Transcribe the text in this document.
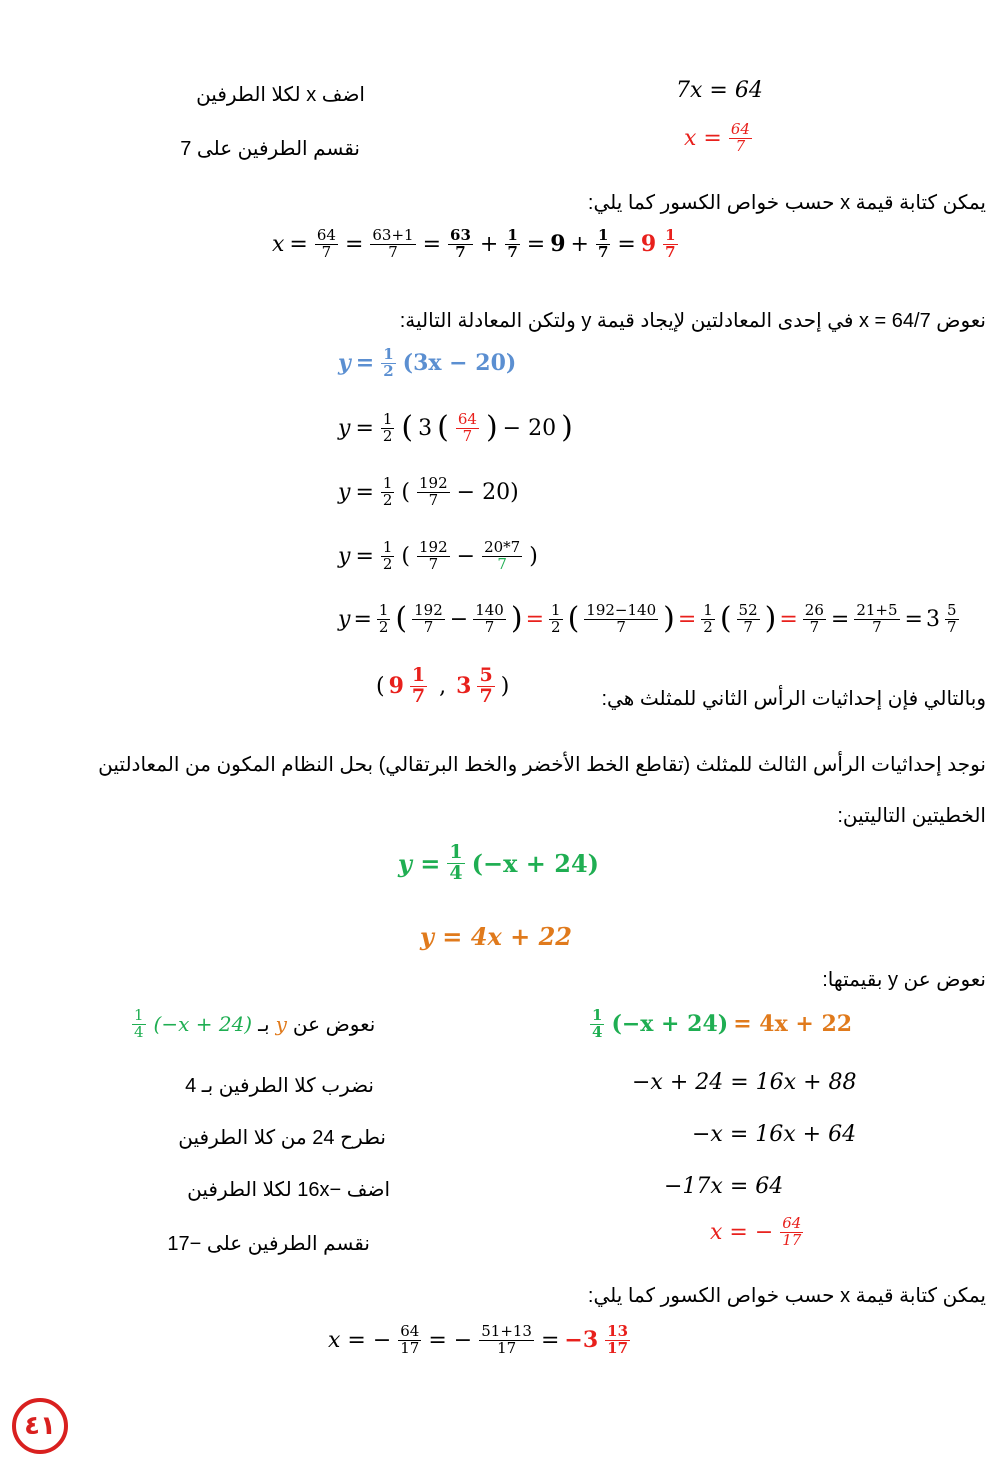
7x = 64
اضف x لكلا الطرفين
$x = \frac{64}{7}$
نقسم الطرفين على 7
يمكن كتابة قيمة x حسب خواص الكسور كما يلي:
$x = \frac{64}{7} = \frac{63+1}{7} = \frac{63}{7} + \frac{1}{7} = 9 + \frac{1}{7} = 9$ 1
7
نعوض x = 64/7 في إحدى المعادلتين لإيجاد قيمة y ولتكن المعادلة التالية:
$y = \frac{1}{2} (3x - 20)$
$y = \frac{1}{2}$ ( 3 ( 64
7 ) − 20 )
$y = \frac{1}{2}$ ( 192
7 − 20)
$y = \frac{1}{2}$ ( 192
$7 - \frac{20*7}{7}$ )
$y = \frac{1}{2}$ ( 192
$7 - \frac{140}{7}$ ) = $\frac{1}{2}$ ( 192−140
7 ) = $\frac{1}{2}$ ( 52
7 ) = $\frac{26}{7} = \frac{21+5}{7} = 3$ 5
7
وبالتالي فإن إحداثيات الرأس الثاني للمثلث هي:
( 9 1
7 , 3 5
7 )
نوجد إحداثيات الرأس الثالث للمثلث (تقاطع الخط الأخضر والخط البرتقالي) بحل النظام المكون من المعادلتين
الخطيتين التاليتين:
$y = \frac{1}{4} (-x + 24)$
y = 4x + 22
نعوض عن y بقيمتها:
1
4 (−x + 24) = 4x + 22
1
4 (−x + 24) بـ y نعوض عن
−x + 24 = 16x + 88
نضرب كلا الطرفين بـ 4
−x = 16x + 64
نطرح 24 من كلا الطرفين
−17x = 64
اضف −16x لكلا الطرفين
x = − $\frac{64}{17}$
نقسم الطرفين على −17
يمكن كتابة قيمة x حسب خواص الكسور كما يلي:
x = − $\frac{64}{17}$ = − $\frac{51+13}{17} = -3$ 13
17
٤١
